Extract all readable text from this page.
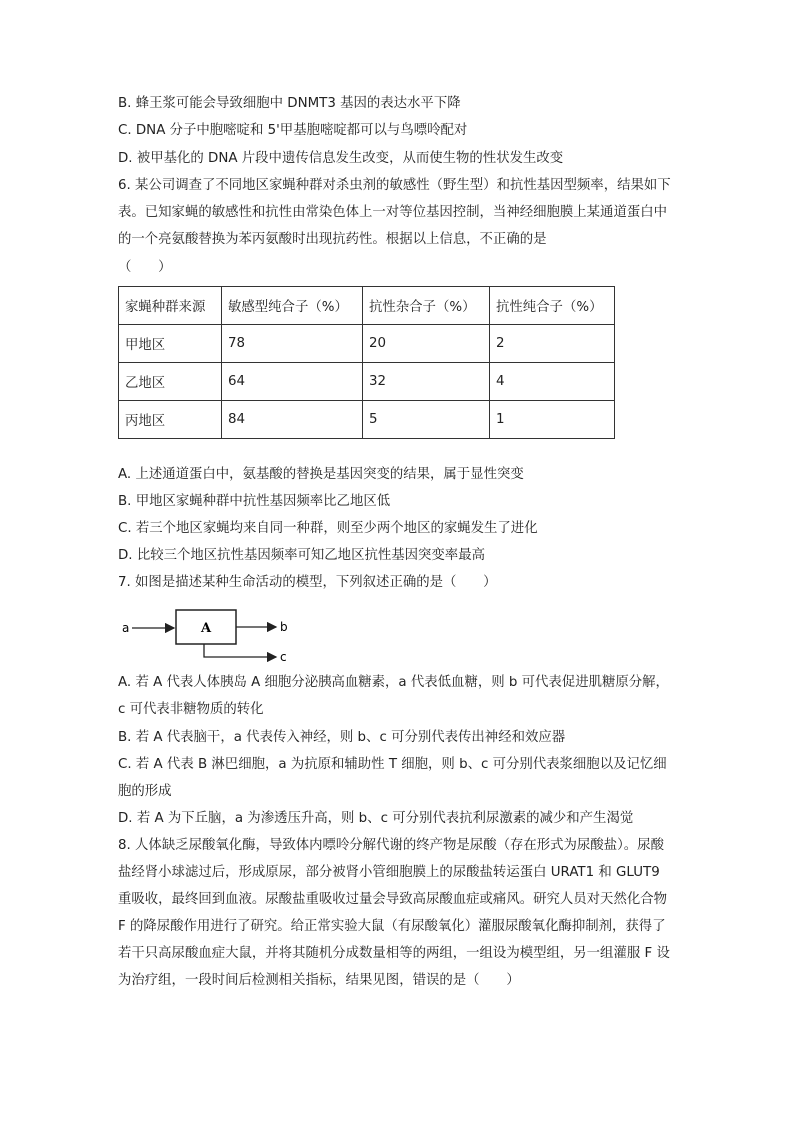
B. 蜂王浆可能会导致细胞中 DNMT3 基因的表达水平下降
C. DNA 分子中胞嘧啶和 5'甲基胞嘧啶都可以与鸟嘌呤配对
D. 被甲基化的 DNA 片段中遗传信息发生改变，从而使生物的性状发生改变
6. 某公司调查了不同地区家蝇种群对杀虫剂的敏感性（野生型）和抗性基因型频率，结果如下表。已知家蝇的敏感性和抗性由常染色体上一对等位基因控制，当神经细胞膜上某通道蛋白中的一个亮氨酸替换为苯丙氨酸时出现抗药性。根据以上信息，不正确的是
（　　）
家蝇种群来源	敏感型纯合子（%）	抗性杂合子（%）	抗性纯合子（%）
甲地区	78	20	2
乙地区	64	32	4
丙地区	84	5	1
A. 上述通道蛋白中，氨基酸的替换是基因突变的结果，属于显性突变
B. 甲地区家蝇种群中抗性基因频率比乙地区低
C. 若三个地区家蝇均来自同一种群，则至少两个地区的家蝇发生了进化
D. 比较三个地区抗性基因频率可知乙地区抗性基因突变率最高
7. 如图是描述某种生命活动的模型，下列叙述正确的是（　　）
a	A	b
c
A. 若 A 代表人体胰岛 A 细胞分泌胰高血糖素，a 代表低血糖，则 b 可代表促进肌糖原分解，c 可代表非糖物质的转化
B. 若 A 代表脑干，a 代表传入神经，则 b、c 可分别代表传出神经和效应器
C. 若 A 代表 B 淋巴细胞，a 为抗原和辅助性 T 细胞，则 b、c 可分别代表浆细胞以及记忆细胞的形成
D. 若 A 为下丘脑，a 为渗透压升高，则 b、c 可分别代表抗利尿激素的减少和产生渴觉
8. 人体缺乏尿酸氧化酶，导致体内嘌呤分解代谢的终产物是尿酸（存在形式为尿酸盐）。尿酸盐经肾小球滤过后，形成原尿，部分被肾小管细胞膜上的尿酸盐转运蛋白 URAT1 和 GLUT9 重吸收，最终回到血液。尿酸盐重吸收过量会导致高尿酸血症或痛风。研究人员对天然化合物 F 的降尿酸作用进行了研究。给正常实验大鼠（有尿酸氧化）灌服尿酸氧化酶抑制剂，获得了若干只高尿酸血症大鼠，并将其随机分成数量相等的两组，一组设为模型组，另一组灌服 F 设为治疗组，一段时间后检测相关指标，结果见图，错误的是（　　）
